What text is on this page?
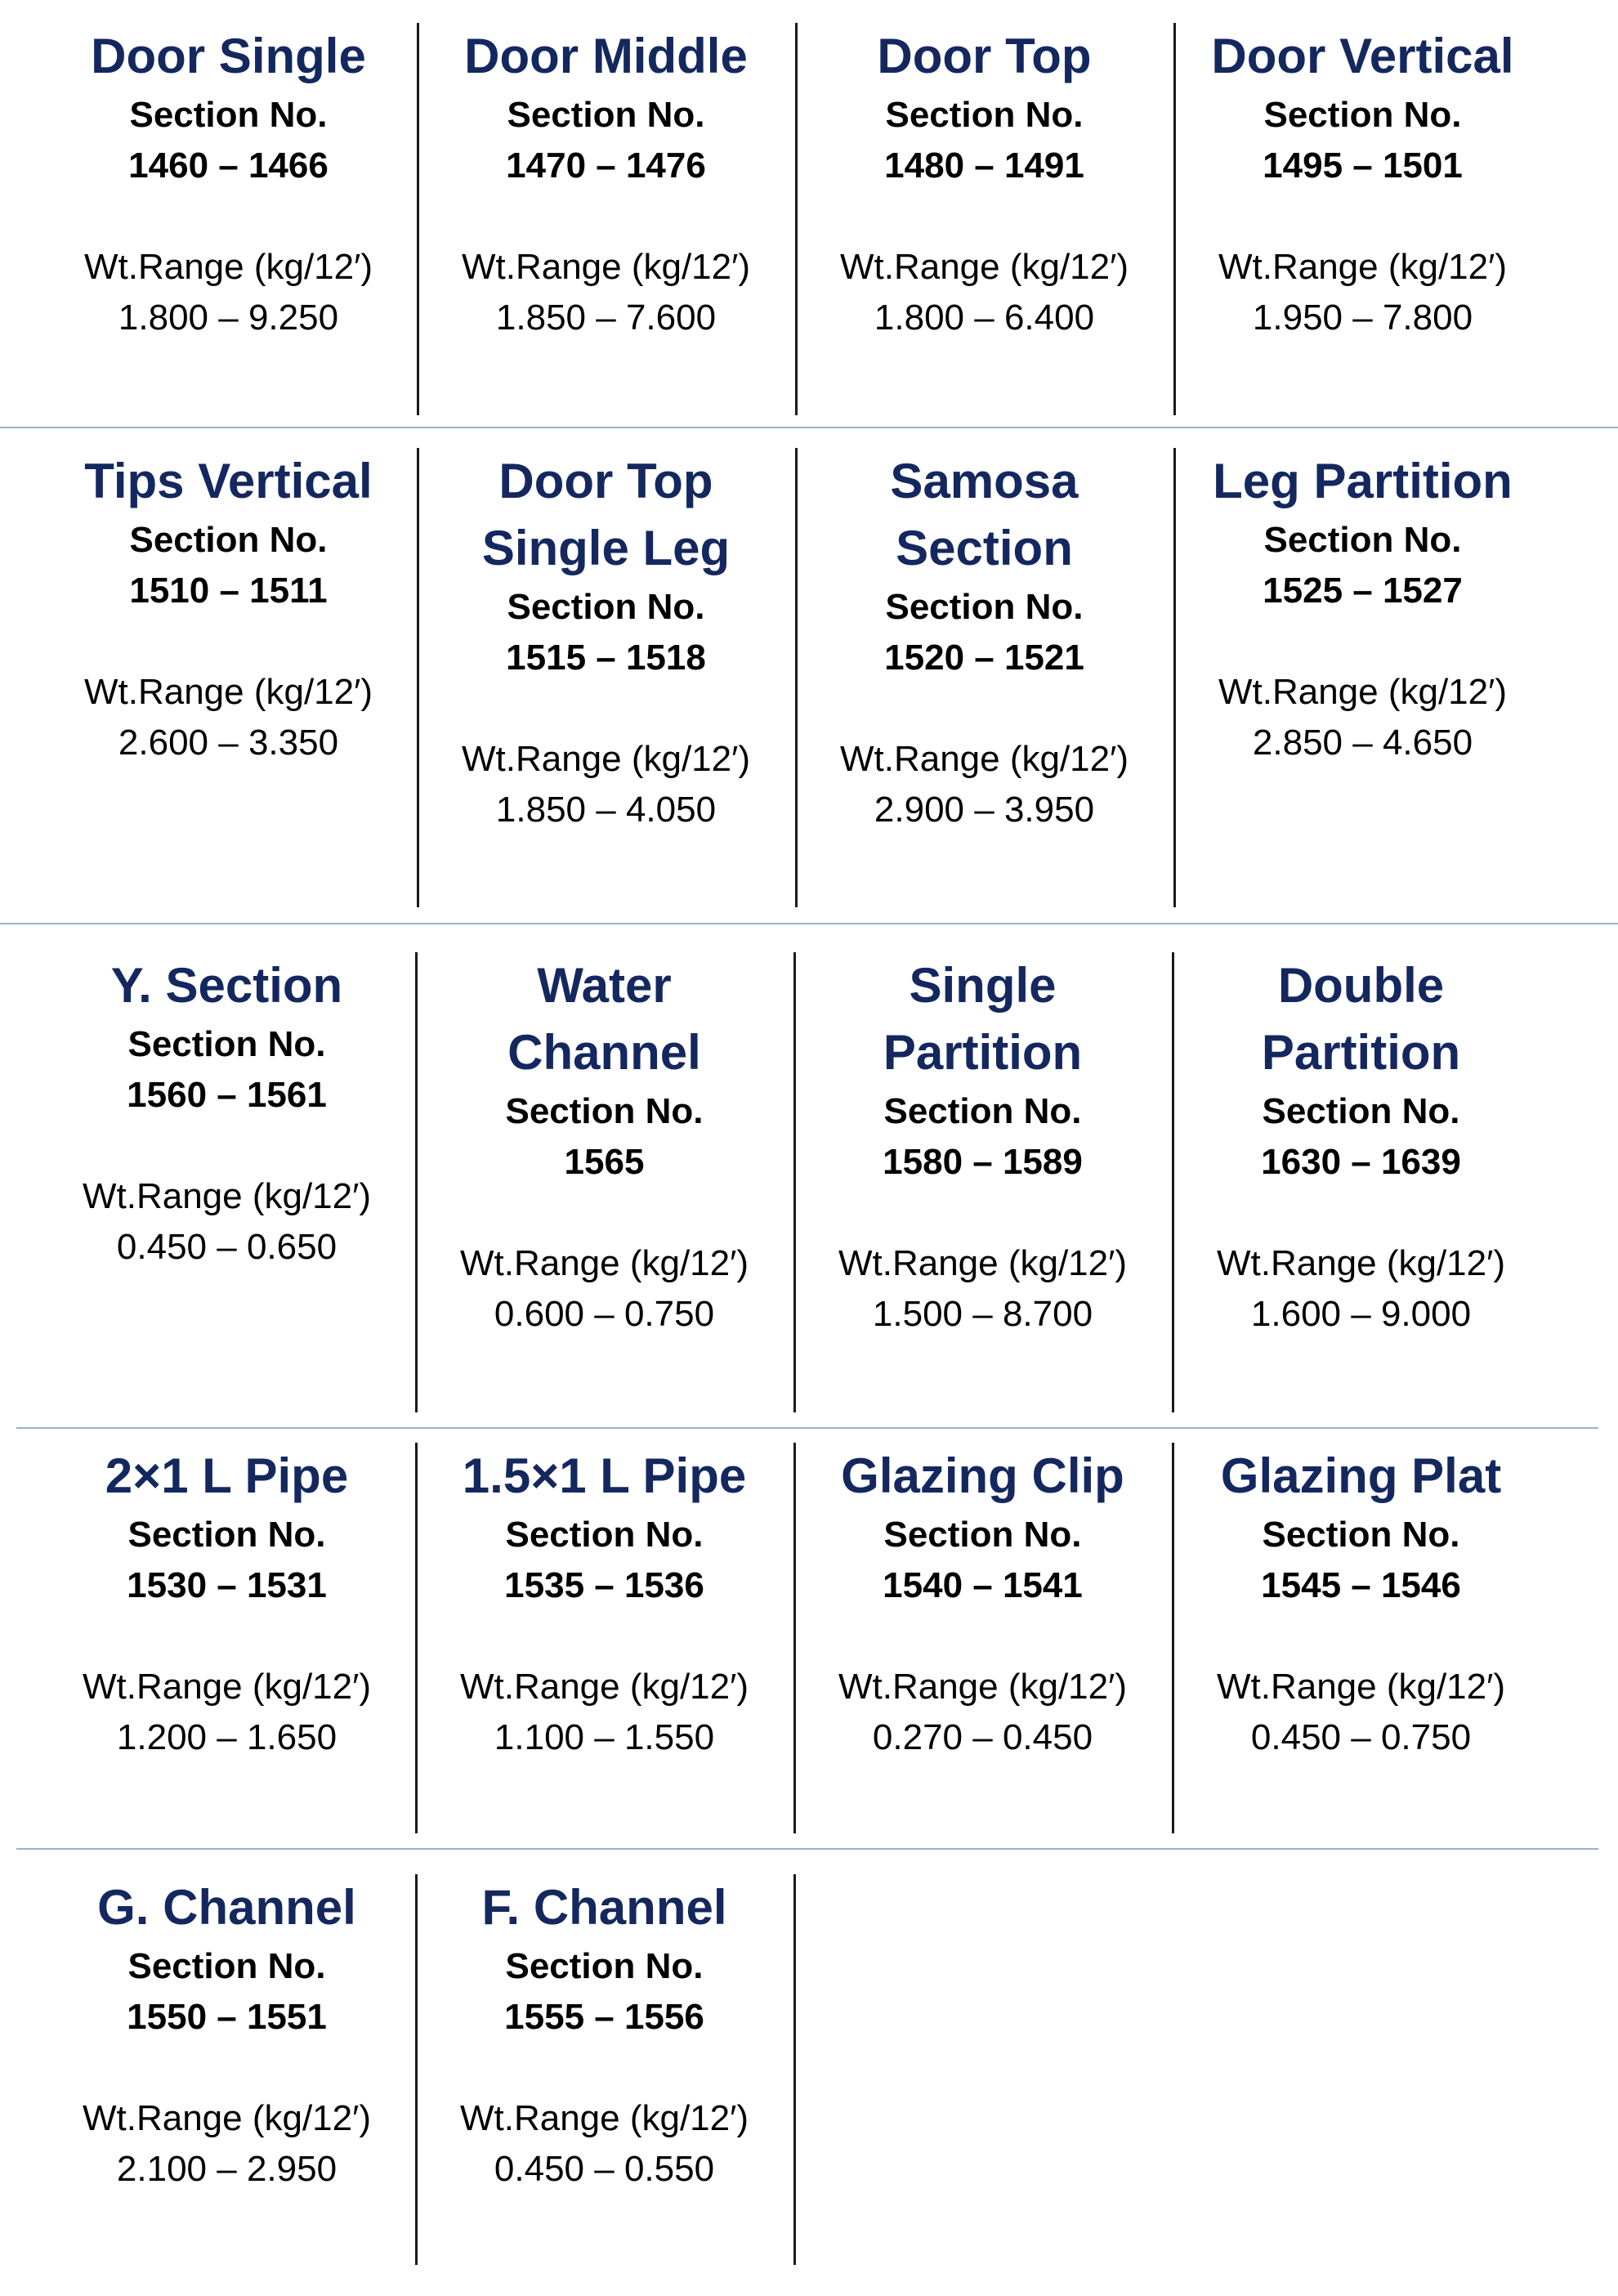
Door Single

Section No.

1460 – 1466

Wt.Range (kg/12′)

1.800 – 9.250

Door Middle

Section No.

1470 – 1476

Wt.Range (kg/12′)

1.850 – 7.600

Door Top

Section No.

1480 – 1491

Wt.Range (kg/12′)

1.800 – 6.400

Door Vertical

Section No.

1495 – 1501

Wt.Range (kg/12′)

1.950 – 7.800

Tips Vertical

Section No.

1510 – 1511

Wt.Range (kg/12′)

2.600 – 3.350

Door Top

Single Leg

Section No.

1515 – 1518

Wt.Range (kg/12′)

1.850 – 4.050

Samosa

Section

Section No.

1520 – 1521

Wt.Range (kg/12′)

2.900 – 3.950

Leg Partition

Section No.

1525 – 1527

Wt.Range (kg/12′)

2.850 – 4.650

Y. Section

Section No.

1560 – 1561

Wt.Range (kg/12′)

0.450 – 0.650

Water

Channel

Section No.

1565

Wt.Range (kg/12′)

0.600 – 0.750

Single

Partition

Section No.

1580 – 1589

Wt.Range (kg/12′)

1.500 – 8.700

Double

Partition

Section No.

1630 – 1639

Wt.Range (kg/12′)

1.600 – 9.000

2×1 L Pipe

Section No.

1530 – 1531

Wt.Range (kg/12′)

1.200 – 1.650

1.5×1 L Pipe

Section No.

1535 – 1536

Wt.Range (kg/12′)

1.100 – 1.550

Glazing Clip

Section No.

1540 – 1541

Wt.Range (kg/12′)

0.270 – 0.450

Glazing Plat

Section No.

1545 – 1546

Wt.Range (kg/12′)

0.450 – 0.750

G. Channel

Section No.

1550 – 1551

Wt.Range (kg/12′)

2.100 – 2.950

F. Channel

Section No.

1555 – 1556

Wt.Range (kg/12′)

0.450 – 0.550
